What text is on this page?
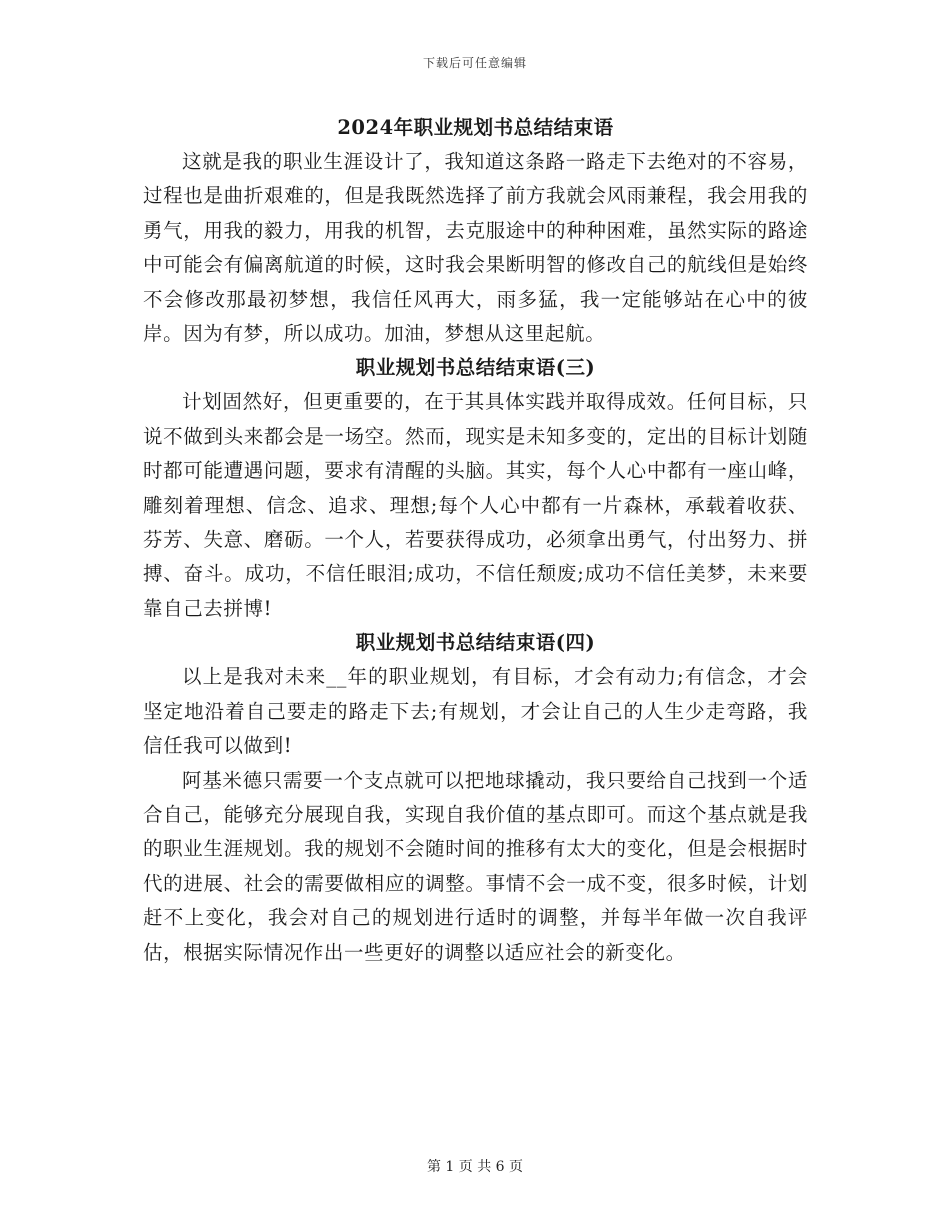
下载后可任意编辑
2024年职业规划书总结结束语

这就是我的职业生涯设计了，我知道这条路一路走下去绝对的不容易，过程也是曲折艰难的，但是我既然选择了前方我就会风雨兼程，我会用我的勇气，用我的毅力，用我的机智，去克服途中的种种困难，虽然实际的路途中可能会有偏离航道的时候，这时我会果断明智的修改自己的航线但是始终不会修改那最初梦想，我信任风再大，雨多猛，我一定能够站在心中的彼岸。因为有梦，所以成功。加油，梦想从这里起航。

职业规划书总结结束语(三)

计划固然好，但更重要的，在于其具体实践并取得成效。任何目标，只说不做到头来都会是一场空。然而，现实是未知多变的，定出的目标计划随时都可能遭遇问题，要求有清醒的头脑。其实，每个人心中都有一座山峰，雕刻着理想、信念、追求、理想;每个人心中都有一片森林，承载着收获、芬芳、失意、磨砺。一个人，若要获得成功，必须拿出勇气，付出努力、拼搏、奋斗。成功，不信任眼泪;成功，不信任颓废;成功不信任美梦，未来要靠自己去拼博!

职业规划书总结结束语(四)

以上是我对未来__年的职业规划，有目标，才会有动力;有信念，才会坚定地沿着自己要走的路走下去;有规划，才会让自己的人生少走弯路，我信任我可以做到!

阿基米德只需要一个支点就可以把地球撬动，我只要给自己找到一个适合自己，能够充分展现自我，实现自我价值的基点即可。而这个基点就是我的职业生涯规划。我的规划不会随时间的推移有太大的变化，但是会根据时代的进展、社会的需要做相应的调整。事情不会一成不变，很多时候，计划赶不上变化，我会对自己的规划进行适时的调整，并每半年做一次自我评估，根据实际情况作出一些更好的调整以适应社会的新变化。

第 1 页 共 6 页
